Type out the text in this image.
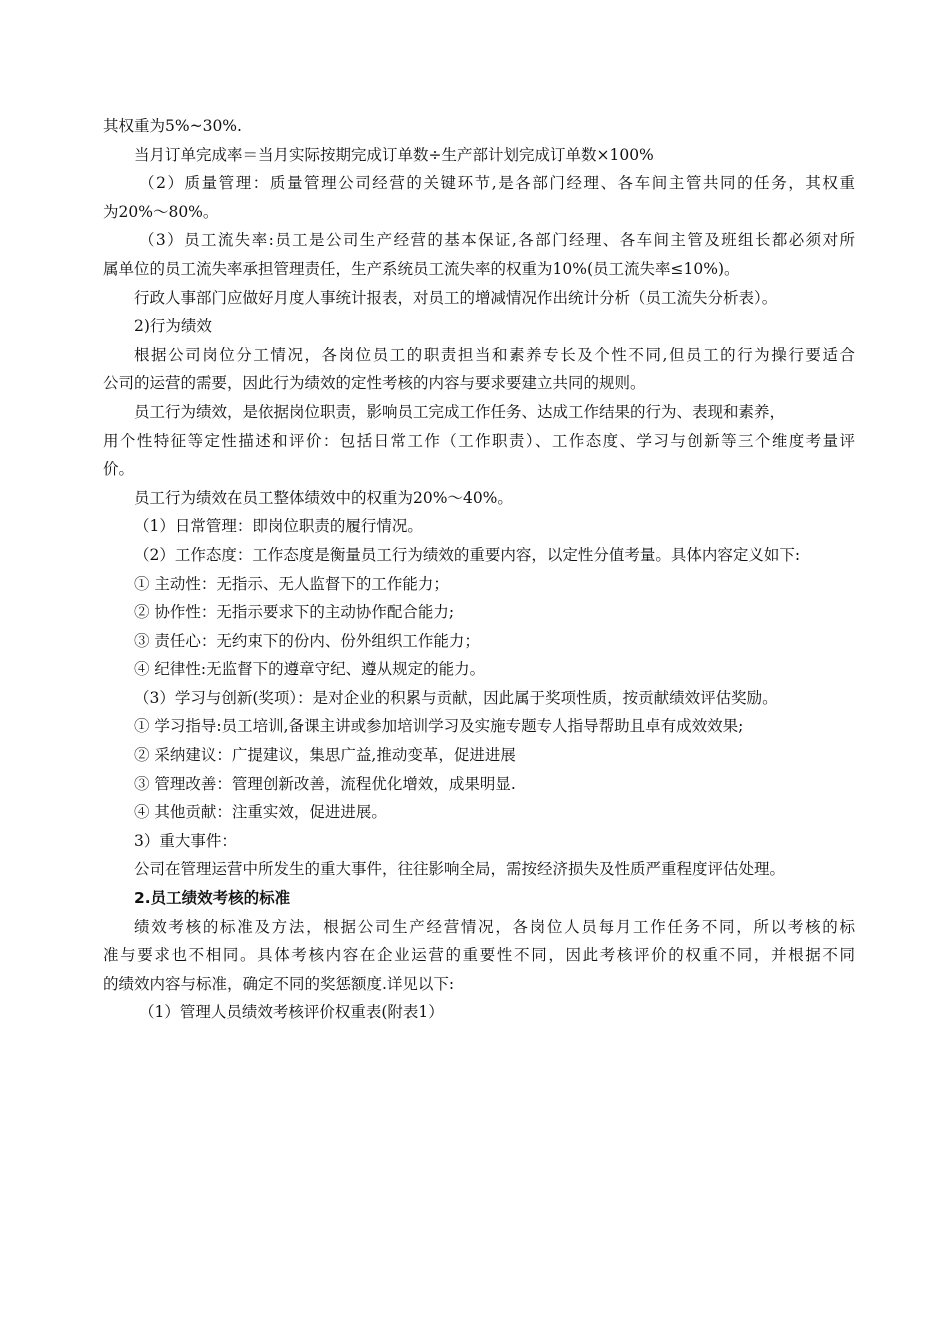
其权重为5%~30%.
当月订单完成率＝当月实际按期完成订单数÷生产部计划完成订单数×100%
（2）质量管理：质量管理公司经营的关键环节,是各部门经理、各车间主管共同的任务，其权重
为20%～80%。
（3）员工流失率:员工是公司生产经营的基本保证,各部门经理、各车间主管及班组长都必须对所
属单位的员工流失率承担管理责任，生产系统员工流失率的权重为10%(员工流失率≤10%)。
行政人事部门应做好月度人事统计报表，对员工的增减情况作出统计分析（员工流失分析表）。
2)行为绩效
根据公司岗位分工情况，各岗位员工的职责担当和素养专长及个性不同,但员工的行为操行要适合
公司的运营的需要，因此行为绩效的定性考核的内容与要求要建立共同的规则。
员工行为绩效，是依据岗位职责，影响员工完成工作任务、达成工作结果的行为、表现和素养，
用个性特征等定性描述和评价：包括日常工作（工作职责）、工作态度、学习与创新等三个维度考量评
价。
员工行为绩效在员工整体绩效中的权重为20%～40%。
（1）日常管理：即岗位职责的履行情况。
（2）工作态度：工作态度是衡量员工行为绩效的重要内容，以定性分值考量。具体内容定义如下:
① 主动性：无指示、无人监督下的工作能力；
② 协作性：无指示要求下的主动协作配合能力;
③ 责任心：无约束下的份内、份外组织工作能力；
④ 纪律性:无监督下的遵章守纪、遵从规定的能力。
（3）学习与创新(奖项）：是对企业的积累与贡献，因此属于奖项性质，按贡献绩效评估奖励。
① 学习指导:员工培训,备课主讲或参加培训学习及实施专题专人指导帮助且卓有成效效果;
② 采纳建议：广提建议，集思广益,推动变革，促进进展
③ 管理改善：管理创新改善，流程优化增效，成果明显.
④ 其他贡献：注重实效，促进进展。
3）重大事件：
公司在管理运营中所发生的重大事件，往往影响全局，需按经济损失及性质严重程度评估处理。
2.员工绩效考核的标准
绩效考核的标准及方法，根据公司生产经营情况，各岗位人员每月工作任务不同，所以考核的标
准与要求也不相同。具体考核内容在企业运营的重要性不同，因此考核评价的权重不同，并根据不同
的绩效内容与标准，确定不同的奖惩额度.详见以下:
（1）管理人员绩效考核评价权重表(附表1）
